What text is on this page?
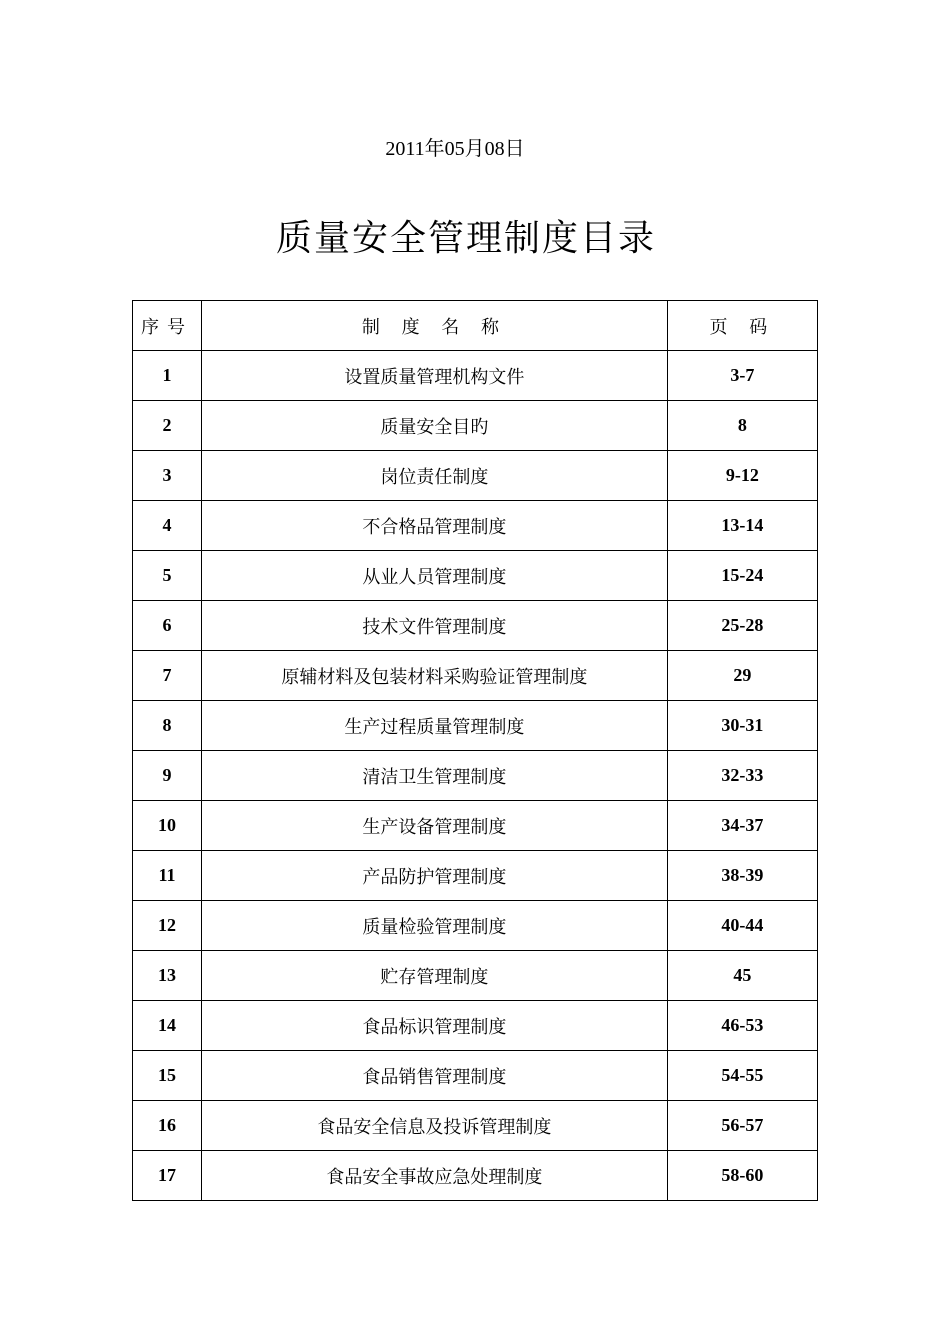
2011年05月08日
质量安全管理制度目录
序号	制 度 名 称	页 码
1	设置质量管理机构文件	3-7
2	质量安全目旳	8
3	岗位责任制度	9-12
4	不合格品管理制度	13-14
5	从业人员管理制度	15-24
6	技术文件管理制度	25-28
7	原辅材料及包装材料采购验证管理制度	29
8	生产过程质量管理制度	30-31
9	清洁卫生管理制度	32-33
10	生产设备管理制度	34-37
11	产品防护管理制度	38-39
12	质量检验管理制度	40-44
13	贮存管理制度	45
14	食品标识管理制度	46-53
15	食品销售管理制度	54-55
16	食品安全信息及投诉管理制度	56-57
17	食品安全事故应急处理制度	58-60
